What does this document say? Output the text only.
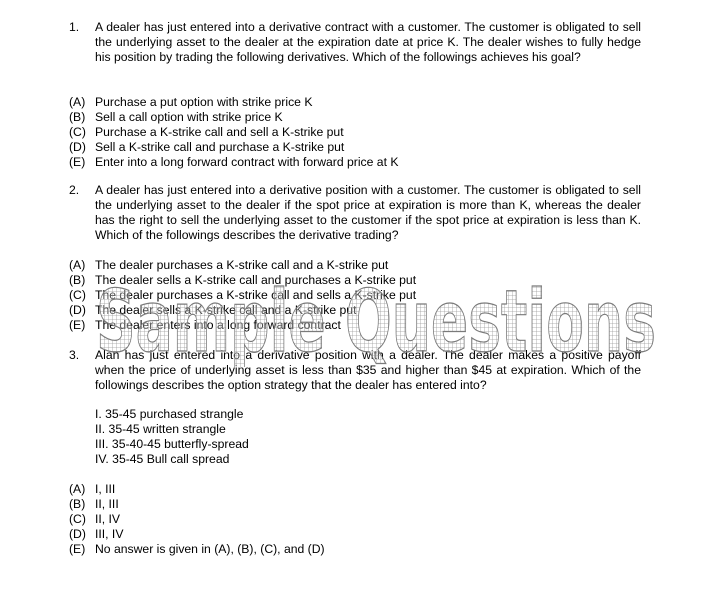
1.	A dealer has just entered into a derivative contract with a customer. The customer is obligated to sell the underlying asset to the dealer at the expiration date at price K. The dealer wishes to fully hedge his position by trading the following derivatives. Which of the followings achieves his goal?
(A) Purchase a put option with strike price K
(B) Sell a call option with strike price K
(C) Purchase a K-strike call and sell a K-strike put
(D) Sell a K-strike call and purchase a K-strike put
(E) Enter into a long forward contract with forward price at K
2.	A dealer has just entered into a derivative position with a customer. The customer is obligated to sell the underlying asset to the dealer if the spot price at expiration is more than K, whereas the dealer has the right to sell the underlying asset to the customer if the spot price at expiration is less than K. Which of the followings describes the derivative trading?
(A) The dealer purchases a K-strike call and a K-strike put
(B) The dealer sells a K-strike call and purchases a K-strike put
(C) The dealer purchases a K-strike call and sells a K-strike put
(D) The dealer sells a K-strike call and a K-strike put
(E) The dealer enters into a long forward contract
3.	Alan has just entered into a derivative position with a dealer. The dealer makes a positive payoff when the price of underlying asset is less than $35 and higher than $45 at expiration. Which of the followings describes the option strategy that the dealer has entered into?
I. 35-45 purchased strangle
II. 35-45 written strangle
III. 35-40-45 butterfly-spread
IV. 35-45 Bull call spread
(A) I, III
(B) II, III
(C) II, IV
(D) III, IV
(E) No answer is given in (A), (B), (C), and (D)
Sample Questions
